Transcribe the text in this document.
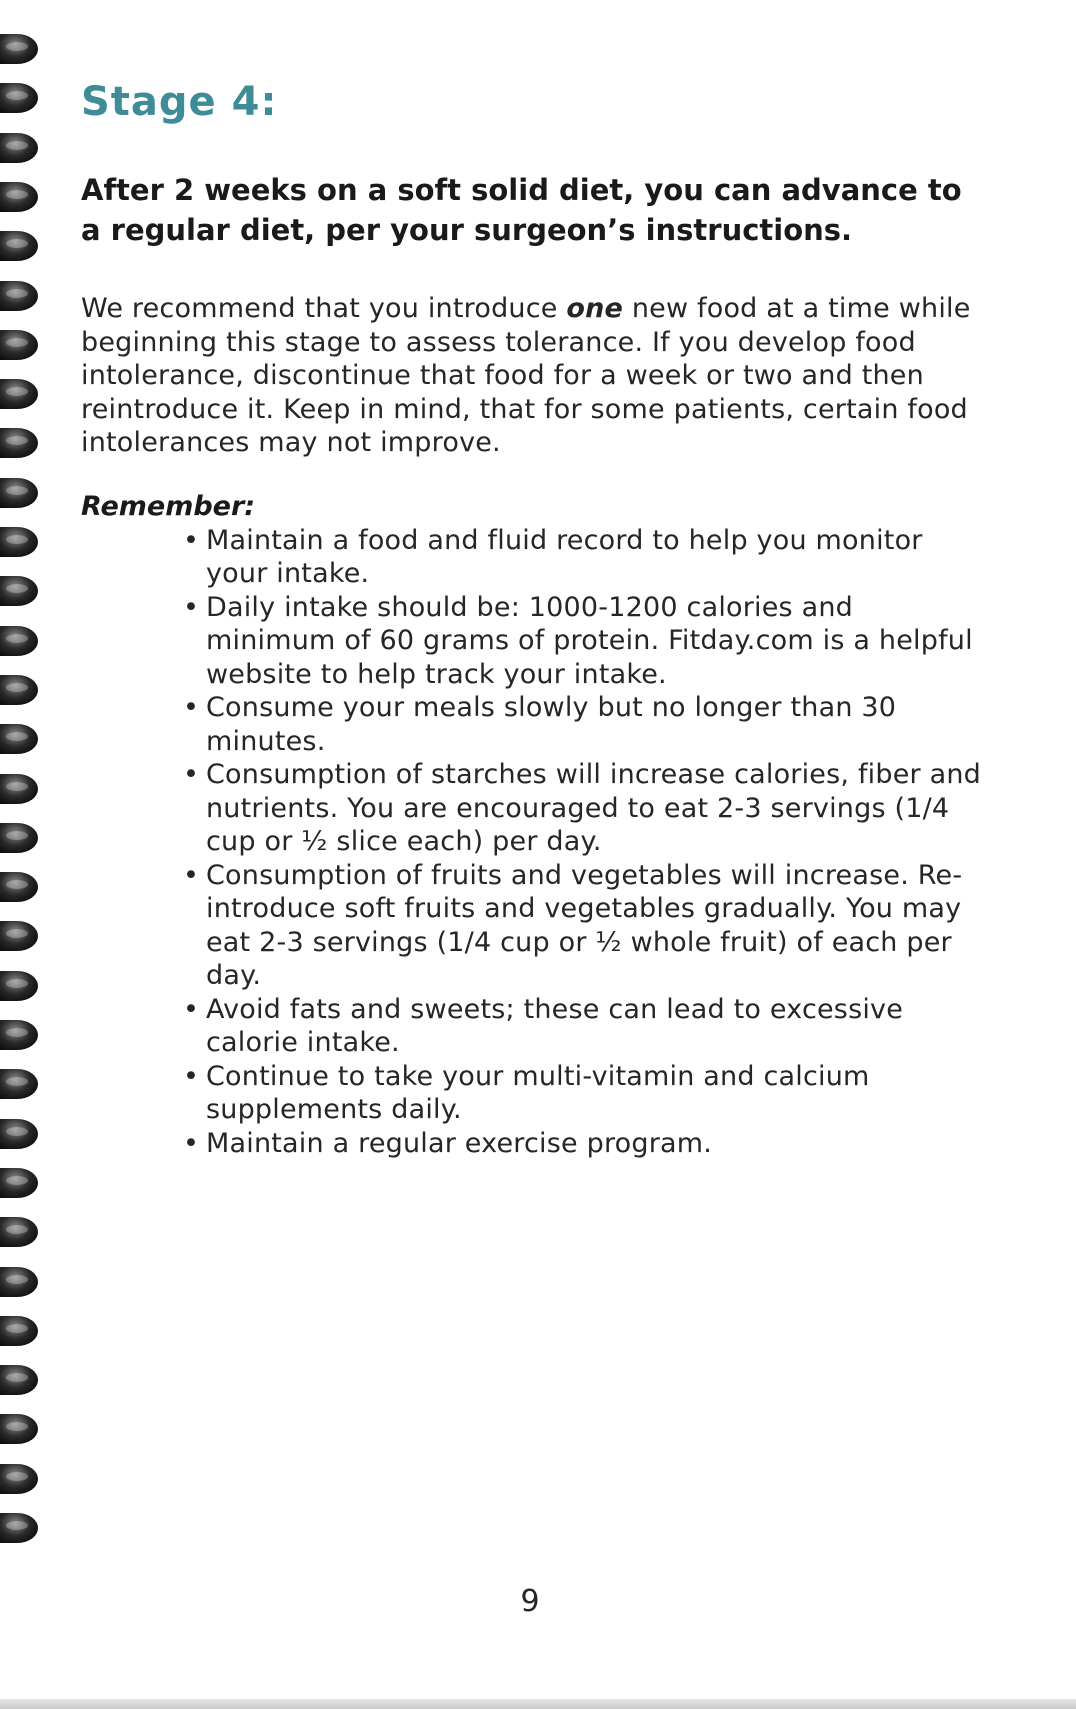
Stage 4:

After 2 weeks on a soft solid diet, you can advance to a regular diet, per your surgeon’s instructions.

We recommend that you introduce one new food at a time while beginning this stage to assess tolerance. If you develop food intolerance, discontinue that food for a week or two and then reintroduce it. Keep in mind, that for some patients, certain food intolerances may not improve.

Remember:

• Maintain a food and fluid record to help you monitor your intake.
• Daily intake should be: 1000-1200 calories and minimum of 60 grams of protein. Fitday.com is a helpful website to help track your intake.
• Consume your meals slowly but no longer than 30 minutes.
• Consumption of starches will increase calories, fiber and nutrients. You are encouraged to eat 2-3 servings (1/4 cup or ½ slice each) per day.
• Consumption of fruits and vegetables will increase. Re-introduce soft fruits and vegetables gradually. You may eat 2-3 servings (1/4 cup or ½ whole fruit) of each per day.
• Avoid fats and sweets; these can lead to excessive calorie intake.
• Continue to take your multi-vitamin and calcium supplements daily.
• Maintain a regular exercise program.
9
